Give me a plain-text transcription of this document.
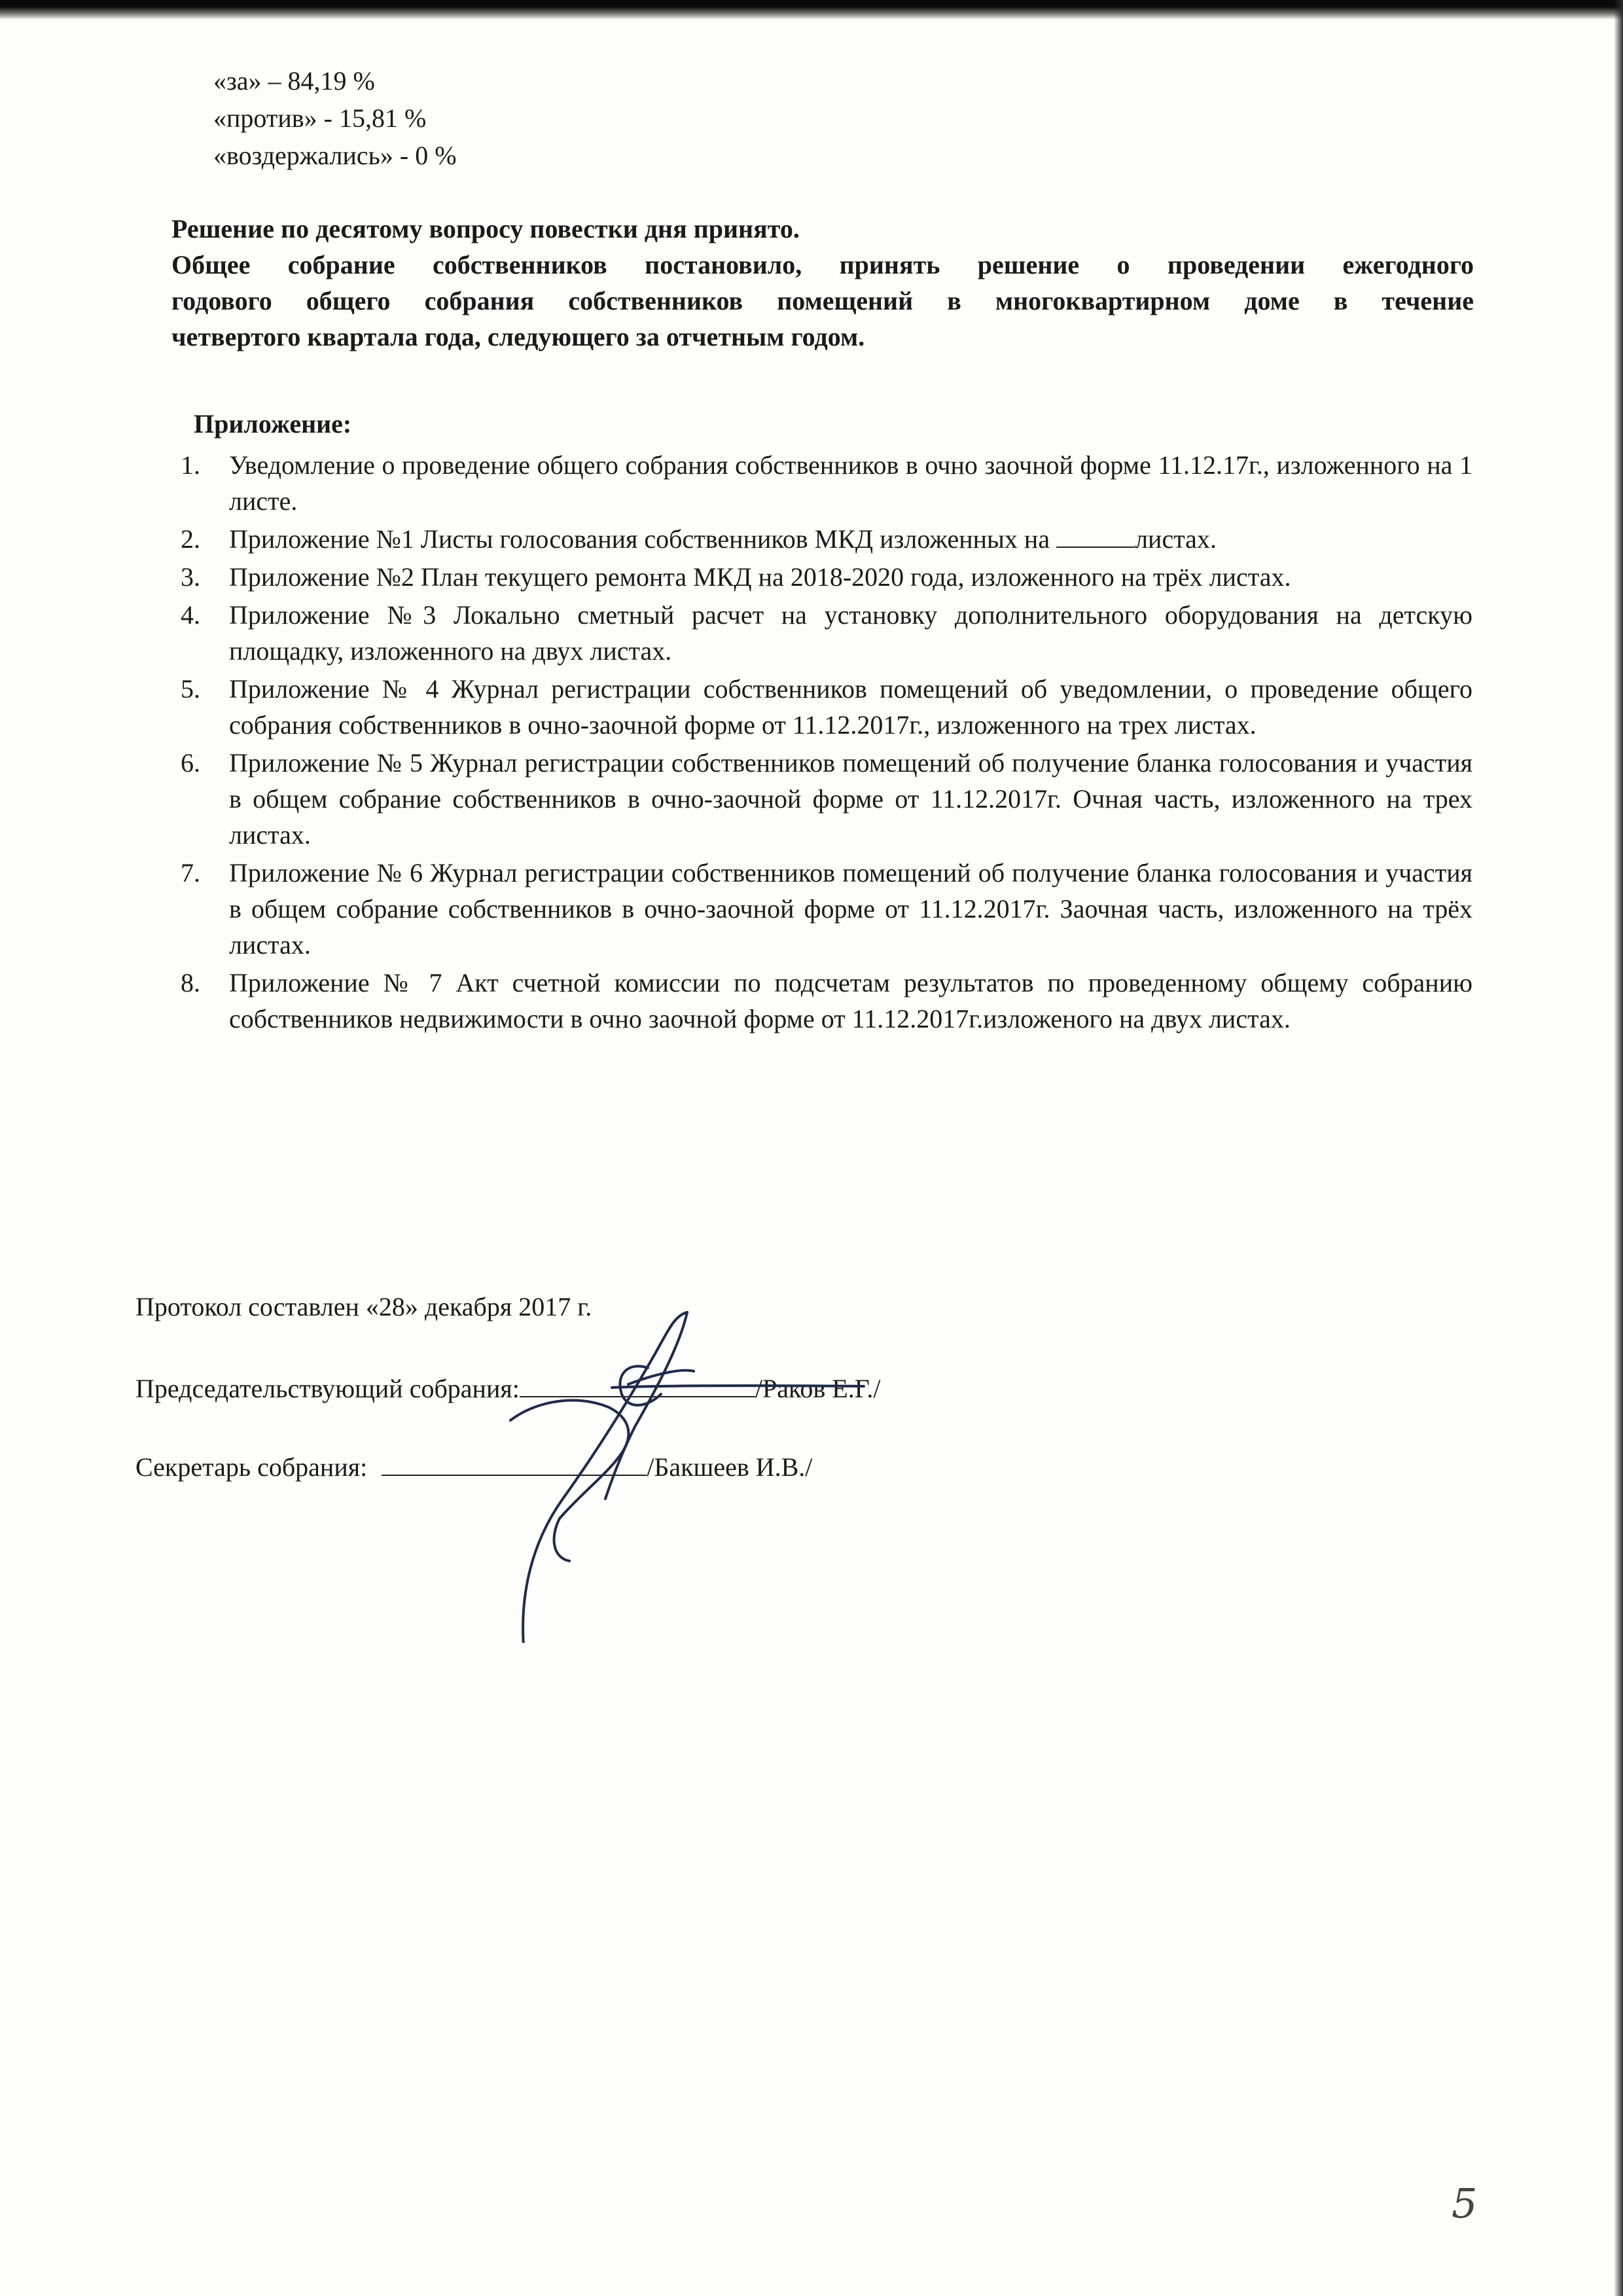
«за» – 84,19 %
«против» - 15,81 %
«воздержались» - 0 %
Решение по десятому вопросу повестки дня принято.
Общее собрание собственников постановило, принять решение о проведении ежегодного
годового общего собрания собственников помещений в многоквартирном доме в течение
четвертого квартала года, следующего за отчетным годом.
Приложение:
1. Уведомление о проведение общего собрания собственников в очно заочной форме 11.12.17г., изложенного на 1 листе.
2. Приложение №1 Листы голосования собственников МКД изложенных на	листах.
3. Приложение №2 План текущего ремонта МКД на 2018-2020 года, изложенного на трёх листах.
4. Приложение №3 Локально сметный расчет на установку дополнительного оборудования на детскую площадку, изложенного на двух листах.
5. Приложение № 4 Журнал регистрации собственников помещений об уведомлении, о проведение общего собрания собственников в очно-заочной форме от 11.12.2017г., изложенного на трех листах.
6. Приложение № 5 Журнал регистрации собственников помещений об получение бланка голосования и участия в общем собрание собственников в очно-заочной форме от 11.12.2017г. Очная часть, изложенного на трех листах.
7. Приложение № 6 Журнал регистрации собственников помещений об получение бланка голосования и участия в общем собрание собственников в очно-заочной форме от 11.12.2017г. Заочная часть, изложенного на трёх листах.
8. Приложение № 7 Акт счетной комиссии по подсчетам результатов по проведенному общему собранию собственников недвижимости в очно заочной форме от 11.12.2017г.изложеного на двух листах.
Протокол составлен «28» декабря 2017 г.
Председательствующий собрания:	/Раков Е.Г./
Секретарь собрания:	/Бакшеев И.В./
5
